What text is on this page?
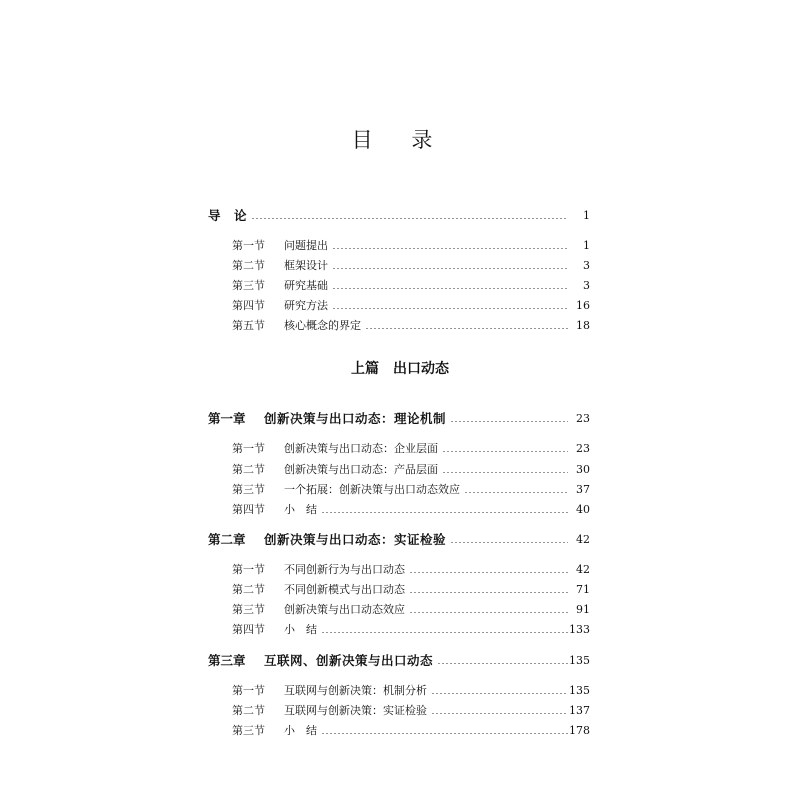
目 录
导　论	1
第一节	问题提出	1
第二节	框架设计	3
第三节	研究基础	3
第四节	研究方法	16
第五节	核心概念的界定	18
上篇　出口动态
第一章	创新决策与出口动态：理论机制	23
第一节	创新决策与出口动态：企业层面	23
第二节	创新决策与出口动态：产品层面	30
第三节	一个拓展：创新决策与出口动态效应	37
第四节	小　结	40
第二章	创新决策与出口动态：实证检验	42
第一节	不同创新行为与出口动态	42
第二节	不同创新模式与出口动态	71
第三节	创新决策与出口动态效应	91
第四节	小　结	133
第三章	互联网、创新决策与出口动态	135
第一节	互联网与创新决策：机制分析	135
第二节	互联网与创新决策：实证检验	137
第三节	小　结	178
